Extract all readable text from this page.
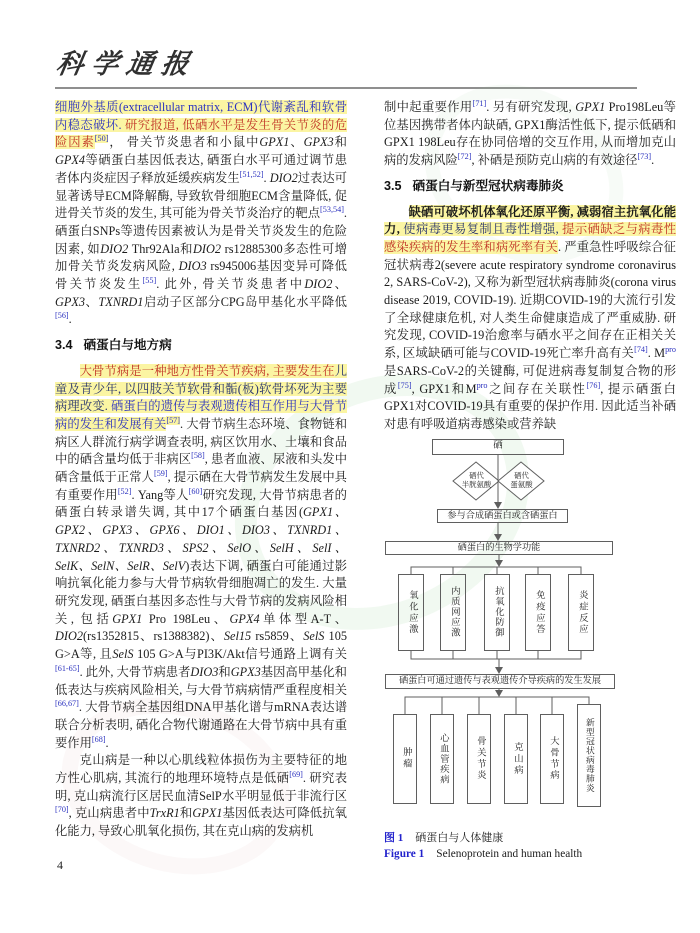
科学通报

细胞外基质(extracellular matrix, ECM)代谢紊乱和软骨内稳态破坏. 研究报道, 低硒水平是发生骨关节炎的危险因素[50]， 骨关节炎患者和小鼠中GPX1、GPX3和GPX4等硒蛋白基因低表达, 硒蛋白水平可通过调节患者体内炎症因子释放延缓疾病发生[51,52]. DIO2过表达可显著诱导ECM降解酶, 导致软骨细胞ECM含量降低, 促进骨关节炎的发生, 其可能为骨关节炎治疗的靶点[53,54]. 硒蛋白SNPs等遗传因素被认为是骨关节炎发生的危险因素, 如DIO2 Thr92Ala和DIO2 rs12885300多态性可增加骨关节炎发病风险, DIO3 rs945006基因变异可降低骨关节炎发生[55]. 此外, 骨关节炎患者中DIO2、GPX3、TXNRD1启动子区部分CPG岛甲基化水平降低[56].

3.4 硒蛋白与地方病

大骨节病是一种地方性骨关节疾病, 主要发生在儿童及青少年, 以四肢关节软骨和骺(板)软骨坏死为主要病理改变. 硒蛋白的遗传与表观遗传相互作用与大骨节病的发生和发展有关[57]. 大骨节病生态环境、食物链和病区人群流行病学调查表明, 病区饮用水、土壤和食品中的硒含量均低于非病区[58], 患者血液、尿液和头发中硒含量低于正常人[59], 提示硒在大骨节病发生发展中具有重要作用[52]. Yang等人[60]研究发现, 大骨节病患者的硒蛋白转录谱失调, 其中17个硒蛋白基因(GPX1、GPX2、GPX3、GPX6、DIO1、DIO3、TXNRD1、TXNRD2、TXNRD3、SPS2、SelO、SelH、SelI、SelK、SelN、SelR、SelV)表达下调, 硒蛋白可能通过影响抗氧化能力参与大骨节病软骨细胞凋亡的发生. 大量研究发现, 硒蛋白基因多态性与大骨节病的发病风险相关, 包括GPX1 Pro 198Leu、GPX4单体型A-T、DIO2(rs1352815、rs1388382)、Sel15 rs5859、SelS 105 G>A等, 且SelS 105 G>A与PI3K/Akt信号通路上调有关[61-65]. 此外, 大骨节病患者DIO3和GPX3基因高甲基化和低表达与疾病风险相关, 与大骨节病病情严重程度相关[66,67]. 大骨节病全基因组DNA甲基化谱与mRNA表达谱联合分析表明, 硒化合物代谢通路在大骨节病中具有重要作用[68].

克山病是一种以心肌线粒体损伤为主要特征的地方性心肌病, 其流行的地理环境特点是低硒[69]. 研究表明, 克山病流行区居民血清SelP水平明显低于非流行区[70], 克山病患者中TrxR1和GPX1基因低表达可降低抗氧化能力, 导致心肌氧化损伤, 其在克山病的发病机

制中起重要作用[71]. 另有研究发现, GPX1 Pro198Leu等位基因携带者体内缺硒, GPX1酶活性低下, 提示低硒和GPX1 198Leu存在协同倍增的交互作用, 从而增加克山病的发病风险[72], 补硒是预防克山病的有效途径[73].

3.5 硒蛋白与新型冠状病毒肺炎

缺硒可破坏机体氧化还原平衡, 减弱宿主抗氧化能力, 使病毒更易复制且毒性增强, 提示硒缺乏与病毒性感染疾病的发生率和病死率有关. 严重急性呼吸综合征冠状病毒2(severe acute respiratory syndrome coronavirus 2, SARS-CoV-2), 又称为新型冠状病毒肺炎(corona virus disease 2019, COVID-19). 近期COVID-19的大流行引发了全球健康危机, 对人类生命健康造成了严重威胁. 研究发现, COVID-19治愈率与硒水平之间存在正相关关系, 区域缺硒可能与COVID-19死亡率升高有关[74]. $M^{pro}$是SARS-CoV-2的关键酶, 可促进病毒复制复合物的形成[75], GPX1和$M^{pro}$之间存在关联性[76], 提示硒蛋白GPX1对COVID-19具有重要的保护作用. 因此适当补硒对患有呼吸道病毒感染或营养缺

硒
硒代
半胱氨酸
硒代
蛋氨酸
参与合成硒蛋白或含硒蛋白
硒蛋白的生物学功能
氧化应激	内质网应激	抗氧化防御	免疫应答	炎症反应
硒蛋白可通过遗传与表观遗传介导疾病的发生发展
肿瘤	心血管疾病	骨关节炎	克山病	大骨节病	新型冠状病毒肺炎
图 1 硒蛋白与人体健康
Figure 1 Selenoprotein and human health
4
